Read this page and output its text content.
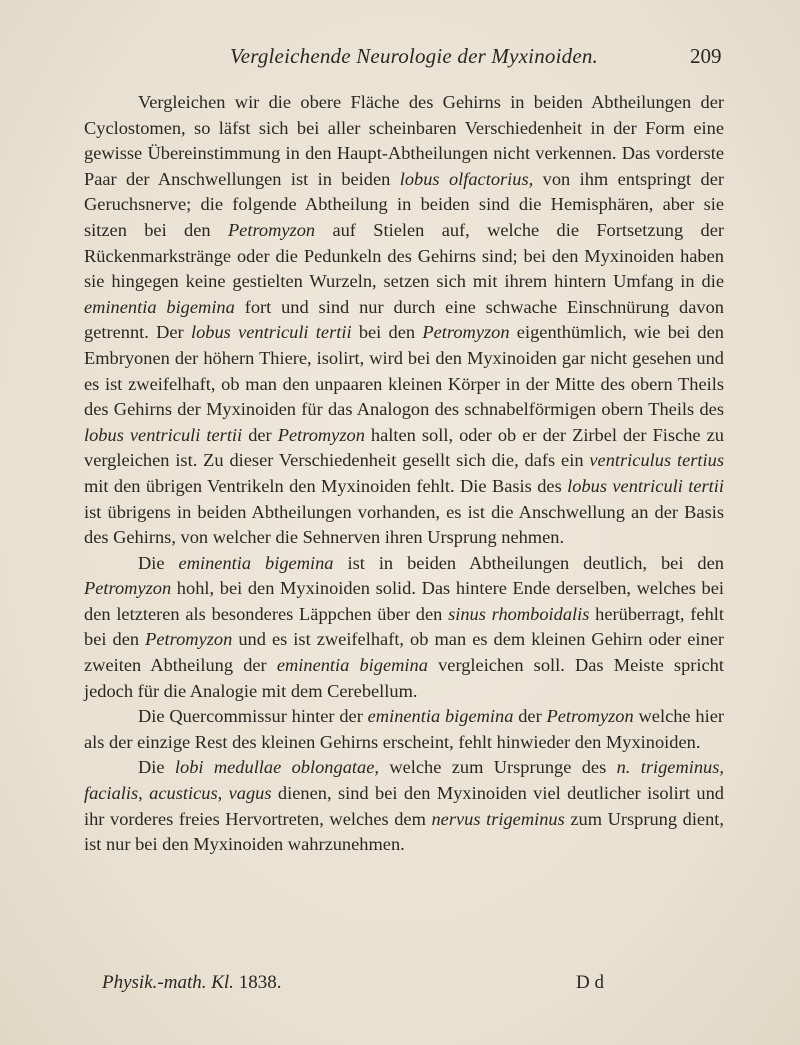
Vergleichende Neurologie der Myxinoiden.	209

Vergleichen wir die obere Fläche des Gehirns in beiden Abtheilungen der Cyclostomen, so läfst sich bei aller scheinbaren Verschiedenheit in der Form eine gewisse Übereinstimmung in den Haupt-Abtheilungen nicht verkennen. Das vorderste Paar der Anschwellungen ist in beiden lobus olfactorius, von ihm entspringt der Geruchsnerve; die folgende Abtheilung in beiden sind die Hemisphären, aber sie sitzen bei den Petromyzon auf Stielen auf, welche die Fortsetzung der Rückenmarkstränge oder die Pedunkeln des Gehirns sind; bei den Myxinoiden haben sie hingegen keine gestielten Wurzeln, setzen sich mit ihrem hintern Umfang in die eminentia bigemina fort und sind nur durch eine schwache Einschnürung davon getrennt. Der lobus ventriculi tertii bei den Petromyzon eigenthümlich, wie bei den Embryonen der höhern Thiere, isolirt, wird bei den Myxinoiden gar nicht gesehen und es ist zweifelhaft, ob man den unpaaren kleinen Körper in der Mitte des obern Theils des Gehirns der Myxinoiden für das Analogon des schnabelförmigen obern Theils des lobus ventriculi tertii der Petromyzon halten soll, oder ob er der Zirbel der Fische zu vergleichen ist. Zu dieser Verschiedenheit gesellt sich die, dafs ein ventriculus tertius mit den übrigen Ventrikeln den Myxinoiden fehlt. Die Basis des lobus ventriculi tertii ist übrigens in beiden Abtheilungen vorhanden, es ist die Anschwellung an der Basis des Gehirns, von welcher die Sehnerven ihren Ursprung nehmen.

Die eminentia bigemina ist in beiden Abtheilungen deutlich, bei den Petromyzon hohl, bei den Myxinoiden solid. Das hintere Ende derselben, welches bei den letzteren als besonderes Läppchen über den sinus rhomboidalis herüberragt, fehlt bei den Petromyzon und es ist zweifelhaft, ob man es dem kleinen Gehirn oder einer zweiten Abtheilung der eminentia bigemina vergleichen soll. Das Meiste spricht jedoch für die Analogie mit dem Cerebellum.

Die Quercommissur hinter der eminentia bigemina der Petromyzon welche hier als der einzige Rest des kleinen Gehirns erscheint, fehlt hinwieder den Myxinoiden.

Die lobi medullae oblongatae, welche zum Ursprunge des n. trigeminus, facialis, acusticus, vagus dienen, sind bei den Myxinoiden viel deutlicher isolirt und ihr vorderes freies Hervortreten, welches dem nervus trigeminus zum Ursprung dient, ist nur bei den Myxinoiden wahrzunehmen.

Physik.-math. Kl. 1838.	D d
